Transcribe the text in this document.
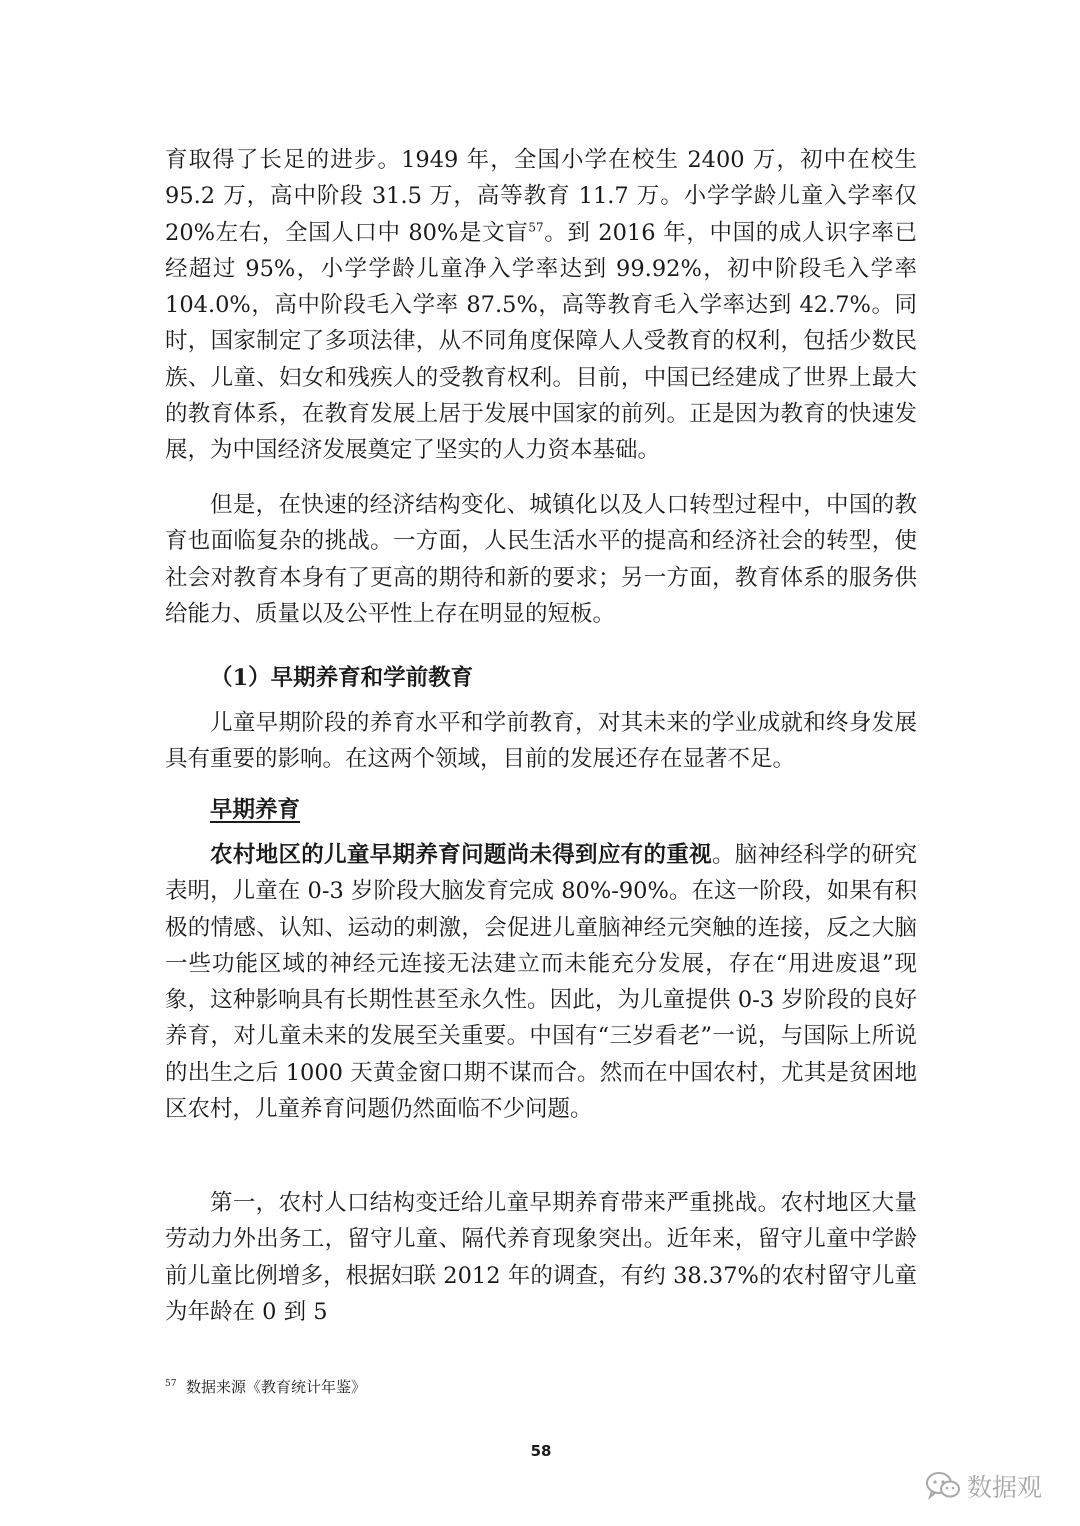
育取得了长足的进步。1949 年，全国小学在校生 2400 万，初中在校生 95.2 万，高中阶段 31.5 万，高等教育 11.7 万。小学学龄儿童入学率仅 20%左右，全国人口中 80%是文盲$^{57}$。到 2016 年，中国的成人识字率已经超过 95%，小学学龄儿童净入学率达到 99.92%，初中阶段毛入学率 104.0%，高中阶段毛入学率 87.5%，高等教育毛入学率达到 42.7%。同时，国家制定了多项法律，从不同角度保障人人受教育的权利，包括少数民族、儿童、妇女和残疾人的受教育权利。目前，中国已经建成了世界上最大的教育体系，在教育发展上居于发展中国家的前列。正是因为教育的快速发展，为中国经济发展奠定了坚实的人力资本基础。

但是，在快速的经济结构变化、城镇化以及人口转型过程中，中国的教育也面临复杂的挑战。一方面，人民生活水平的提高和经济社会的转型，使社会对教育本身有了更高的期待和新的要求；另一方面，教育体系的服务供给能力、质量以及公平性上存在明显的短板。

（1）早期养育和学前教育

儿童早期阶段的养育水平和学前教育，对其未来的学业成就和终身发展具有重要的影响。在这两个领域，目前的发展还存在显著不足。

早期养育

农村地区的儿童早期养育问题尚未得到应有的重视。脑神经科学的研究表明，儿童在 0-3 岁阶段大脑发育完成 80%-90%。在这一阶段，如果有积极的情感、认知、运动的刺激，会促进儿童脑神经元突触的连接，反之大脑一些功能区域的神经元连接无法建立而未能充分发展，存在“用进废退”现象，这种影响具有长期性甚至永久性。因此，为儿童提供 0-3 岁阶段的良好养育，对儿童未来的发展至关重要。中国有“三岁看老”一说，与国际上所说的出生之后 1000 天黄金窗口期不谋而合。然而在中国农村，尤其是贫困地区农村，儿童养育问题仍然面临不少问题。

第一，农村人口结构变迁给儿童早期养育带来严重挑战。农村地区大量劳动力外出务工，留守儿童、隔代养育现象突出。近年来，留守儿童中学龄前儿童比例增多，根据妇联 2012 年的调查，有约 38.37%的农村留守儿童为年龄在 0 到 5

$^{57}$ 数据来源《教育统计年鉴》

58

数据观
